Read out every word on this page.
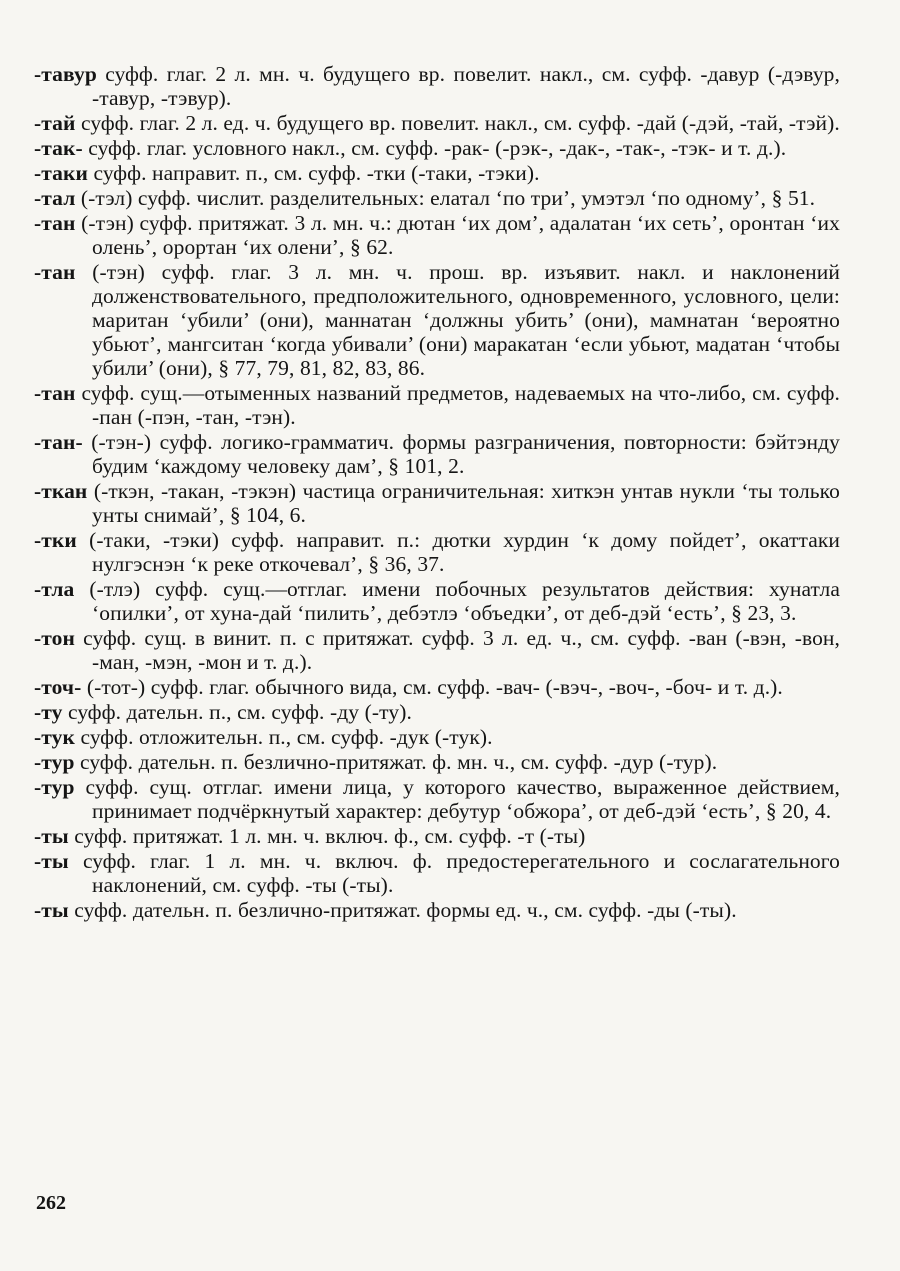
-тавур суфф. глаг. 2 л. мн. ч. будущего вр. повелит. накл., см. суфф. -давур (-дэвур, -тавур, -тэвур).

-тай суфф. глаг. 2 л. ед. ч. будущего вр. повелит. накл., см. суфф. -дай (-дэй, -тай, -тэй).

-так- суфф. глаг. условного накл., см. суфф. -рак- (-рэк-, -дак-, -так-, -тэк- и т. д.).

-таки суфф. направит. п., см. суфф. -тки (-таки, -тэки).

-тал (-тэл) суфф. числит. разделительных: елатал ‘по три’, умэтэл ‘по одному’, § 51.

-тан (-тэн) суфф. притяжат. 3 л. мн. ч.: дютан ‘их дом’, адалатан ‘их сеть’, оронтан ‘их олень’, орортан ‘их олени’, § 62.

-тан (-тэн) суфф. глаг. 3 л. мн. ч. прош. вр. изъявит. накл. и наклонений долженствовательного, предположительного, одновременного, условного, цели: маритан ‘убили’ (они), маннатан ‘должны убить’ (они), мамнатан ‘вероятно убьют’, мангситан ‘когда убивали’ (они) маракатан ‘если убьют, мадатан ‘чтобы убили’ (они), § 77, 79, 81, 82, 83, 86.

-тан суфф. сущ.—отыменных названий предметов, надеваемых на что-либо, см. суфф. -пан (-пэн, -тан, -тэн).

-тан- (-тэн-) суфф. логико-грамматич. формы разграничения, повторности: бэйтэнду будим ‘каждому человеку дам’, § 101, 2.

-ткан (-ткэн, -такан, -тэкэн) частица ограничительная: хиткэн унтав нукли ‘ты только унты снимай’, § 104, 6.

-тки (-таки, -тэки) суфф. направит. п.: дютки хурдин ‘к дому пойдет’, окаттаки нулгэснэн ‘к реке откочевал’, § 36, 37.

-тла (-тлэ) суфф. сущ.—отглаг. имени побочных результатов действия: хунатла ‘опилки’, от хуна-дай ‘пилить’, дебэтлэ ‘объедки’, от деб-дэй ‘есть’, § 23, 3.

-тон суфф. сущ. в винит. п. с притяжат. суфф. 3 л. ед. ч., см. суфф. -ван (-вэн, -вон, -ман, -мэн, -мон и т. д.).

-точ- (-тот-) суфф. глаг. обычного вида, см. суфф. -вач- (-вэч-, -воч-, -боч- и т. д.).

-ту суфф. дательн. п., см. суфф. -ду (-ту).

-тук суфф. отложительн. п., см. суфф. -дук (-тук).

-тур суфф. дательн. п. безлично-притяжат. ф. мн. ч., см. суфф. -дур (-тур).

-тур суфф. сущ. отглаг. имени лица, у которого качество, выраженное действием, принимает подчёркнутый характер: дебутур ‘обжора’, от деб-дэй ‘есть’, § 20, 4.

-ты суфф. притяжат. 1 л. мн. ч. включ. ф., см. суфф. -т (-ты)

-ты суфф. глаг. 1 л. мн. ч. включ. ф. предостерегательного и сослагательного наклонений, см. суфф. -ты (-ты).

-ты суфф. дательн. п. безлично-притяжат. формы ед. ч., см. суфф. -ды (-ты).

262
